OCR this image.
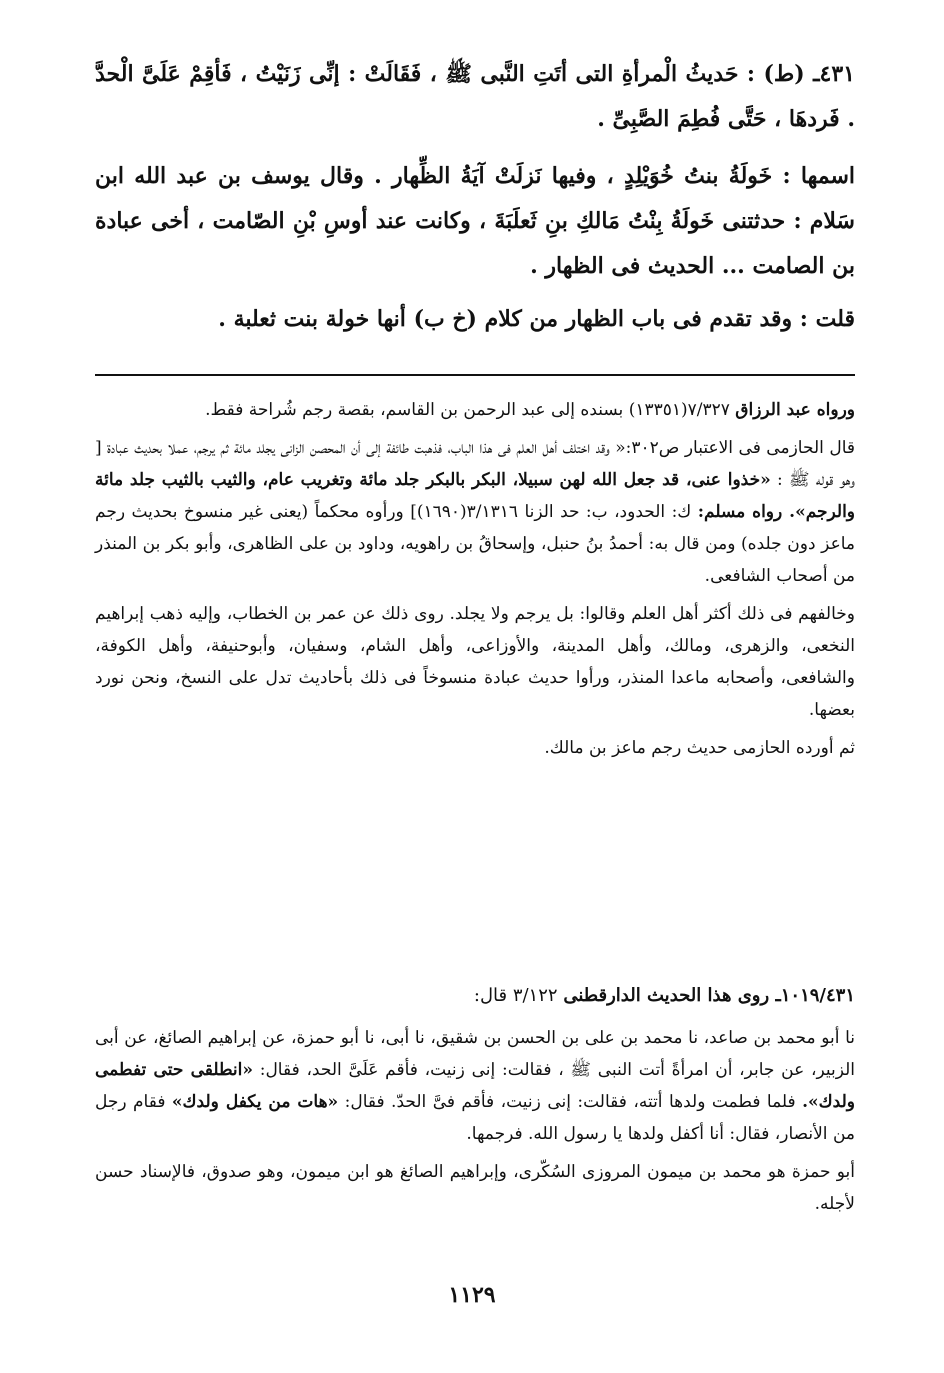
٤٣١ـ (ط) : حَديثُ الْمرأةِ التى أتَتِ النَّبى ﷺ ، فَقَالَتْ : إنِّى زَنَيْتُ ، فَأقِمْ عَلَىَّ الْحدَّ . فَردهَا ، حَتَّى فُطِمَ الصَّبِىِّ .

اسمها : خَولَةُ بنتُ خُوَيْلِدٍ ، وفيها نَزلَتْ آيَةُ الظِّهار . وقال يوسف بن عبد الله ابن سَلام : حدثتنى خَولَةُ بِنْتُ مَالكِ بنِ ثَعلَبَةَ ، وكانت عند أوسِ بْنِ الصّامت ، أخى عبادة بن الصامت ... الحديث فى الظهار .

قلت : وقد تقدم فى باب الظهار من كلام (خ ب) أنها خولة بنت ثعلبة .

ورواه عبد الرزاق ٧/٣٢٧(١٣٣٥١) بسنده إلى عبد الرحمن بن القاسم، بقصة رجم شُراحة فقط.

قال الحازمى فى الاعتبار ص٣٠٢:« وقد اختلف أهل العلم فى هذا الباب، فذهبت طائفة إلى أن المحصن الزانى يجلد مائة ثم يرجم، عملا بحديث عبادة [ وهو قوله ﷺ : «خذوا عنى، قد جعل الله لهن سبيلا، البكر بالبكر جلد مائة وتغريب عام، والثيب بالثيب جلد مائة والرجم». رواه مسلم: ك: الحدود، ب: حد الزنا ٣/١٣١٦(١٦٩٠)] ورأوه محكماً (يعنى غير منسوخ بحديث رجم ماعز دون جلده) ومن قال به: أحمدُ بنُ حنبل، وإسحاقُ بن راهويه، وداود بن على الظاهرى، وأبو بكر بن المنذر من أصحاب الشافعى.

وخالفهم فى ذلك أكثر أهل العلم وقالوا: بل يرجم ولا يجلد. روى ذلك عن عمر بن الخطاب، وإليه ذهب إبراهيم النخعى، والزهرى، ومالك، وأهل المدينة، والأوزاعى، وأهل الشام، وسفيان، وأبوحنيفة، وأهل الكوفة، والشافعى، وأصحابه ماعدا المنذر، ورأوا حديث عبادة منسوخاً فى ذلك بأحاديث تدل على النسخ، ونحن نورد بعضها.

ثم أورده الحازمى حديث رجم ماعز بن مالك.

١٠١٩/٤٣١ـ روى هذا الحديث الدارقطنى ٣/١٢٢ قال:

نا أبو محمد بن صاعد، نا محمد بن على بن الحسن بن شقيق، نا أبى، نا أبو حمزة، عن إبراهيم الصائغ، عن أبى الزبير، عن جابر، أن امرأةً أتت النبى ﷺ ، فقالت: إنى زنيت، فأقم عَلَىَّ الحد، فقال: «انطلقى حتى تفطمى ولدك». فلما فطمت ولدها أتته، فقالت: إنى زنيت، فأقم فىَّ الحدّ. فقال: «هات من يكفل ولدك» فقام رجل من الأنصار، فقال: أنا أكفل ولدها يا رسول الله. فرجمها.

أبو حمزة هو محمد بن ميمون المروزى السُكّرى، وإبراهيم الصائغ هو ابن ميمون، وهو صدوق، فالإسناد حسن لأجله.

١١٢٩
